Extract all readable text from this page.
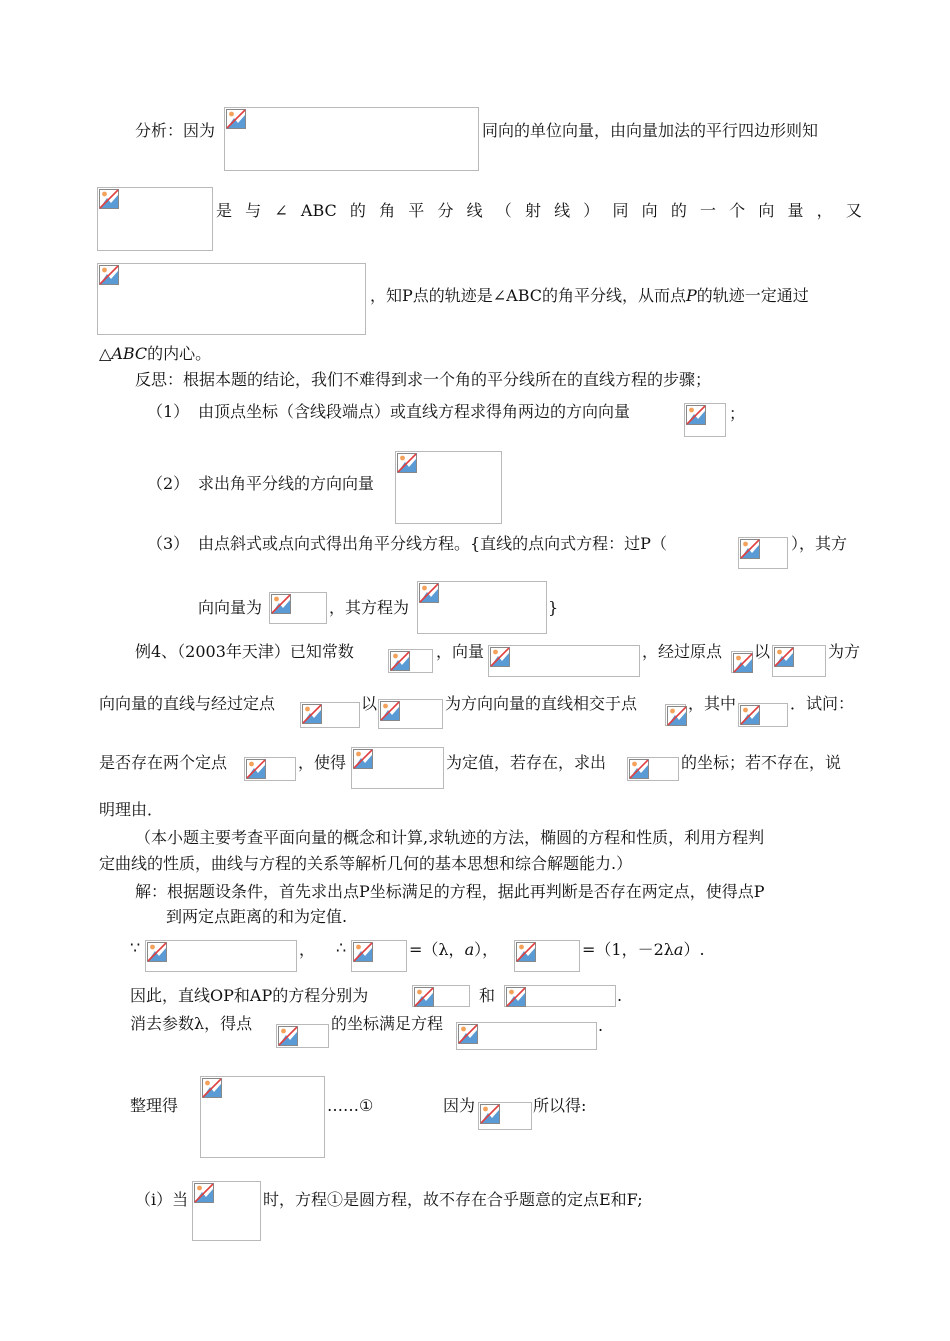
分析：因为	同向的单位向量，由向量加法的平行四边形则知
是 与 ∠ ABC 的 角 平 分 线 （ 射 线 ） 同 向 的 一 个 向 量 ， 又
，知P点的轨迹是∠ABC的角平分线，从而点P的轨迹一定通过
△ABC的内心。
反思：根据本题的结论，我们不难得到求一个角的平分线所在的直线方程的步骤；
（1） 由顶点坐标（含线段端点）或直线方程求得角两边的方向向量	；
（2） 求出角平分线的方向向量
（3） 由点斜式或点向式得出角平分线方程。{直线的点向式方程：过P（	），其方
向向量为	，其方程为	}
例4、（2003年天津）已知常数	，向量	，经过原点 以	为方
向向量的直线与经过定点	以	为方向向量的直线相交于点	，其中	．试问：
是否存在两个定点	，使得	为定值，若存在，求出	的坐标；若不存在，说
明理由．
（本小题主要考查平面向量的概念和计算,求轨迹的方法，椭圆的方程和性质，利用方程判
定曲线的性质，曲线与方程的关系等解析几何的基本思想和综合解题能力.）
解：根据题设条件，首先求出点P坐标满足的方程，据此再判断是否存在两定点，使得点P
到两定点距离的和为定值.
∵	， ∴	=（λ，a），	=（1，－2λa）.
因此，直线OP和AP的方程分别为	和	.
消去参数λ，得点	的坐标满足方程	.
整理得	……①	因为	所以得:
（i）当	时，方程①是圆方程，故不存在合乎题意的定点E和F;
